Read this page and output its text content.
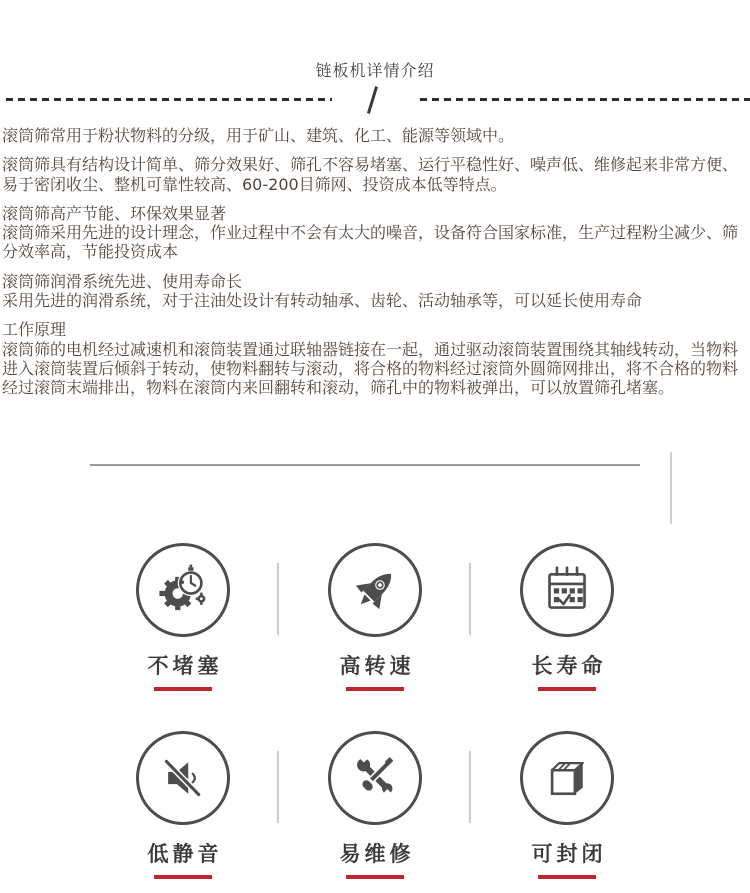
链板机详情介绍

滚筒筛常用于粉状物料的分级，用于矿山、建筑、化工、能源等领域中。

滚筒筛具有结构设计简单、筛分效果好、筛孔不容易堵塞、运行平稳性好、噪声低、维修起来非常方便、易于密闭收尘、整机可靠性较高、60-200目筛网、投资成本低等特点。

滚筒筛高产节能、环保效果显著
滚筒筛采用先进的设计理念，作业过程中不会有太大的噪音，设备符合国家标准，生产过程粉尘减少、筛分效率高，节能投资成本

滚筒筛润滑系统先进、使用寿命长
采用先进的润滑系统，对于注油处设计有转动轴承、齿轮、活动轴承等，可以延长使用寿命

工作原理
滚筒筛的电机经过减速机和滚筒装置通过联轴器链接在一起，通过驱动滚筒装置围绕其轴线转动，当物料进入滚筒装置后倾斜于转动，使物料翻转与滚动，将合格的物料经过滚筒外圆筛网排出，将不合格的物料经过滚筒末端排出，物料在滚筒内来回翻转和滚动，筛孔中的物料被弹出，可以放置筛孔堵塞。

不堵塞	高转速	长寿命
低静音	易维修	可封闭
